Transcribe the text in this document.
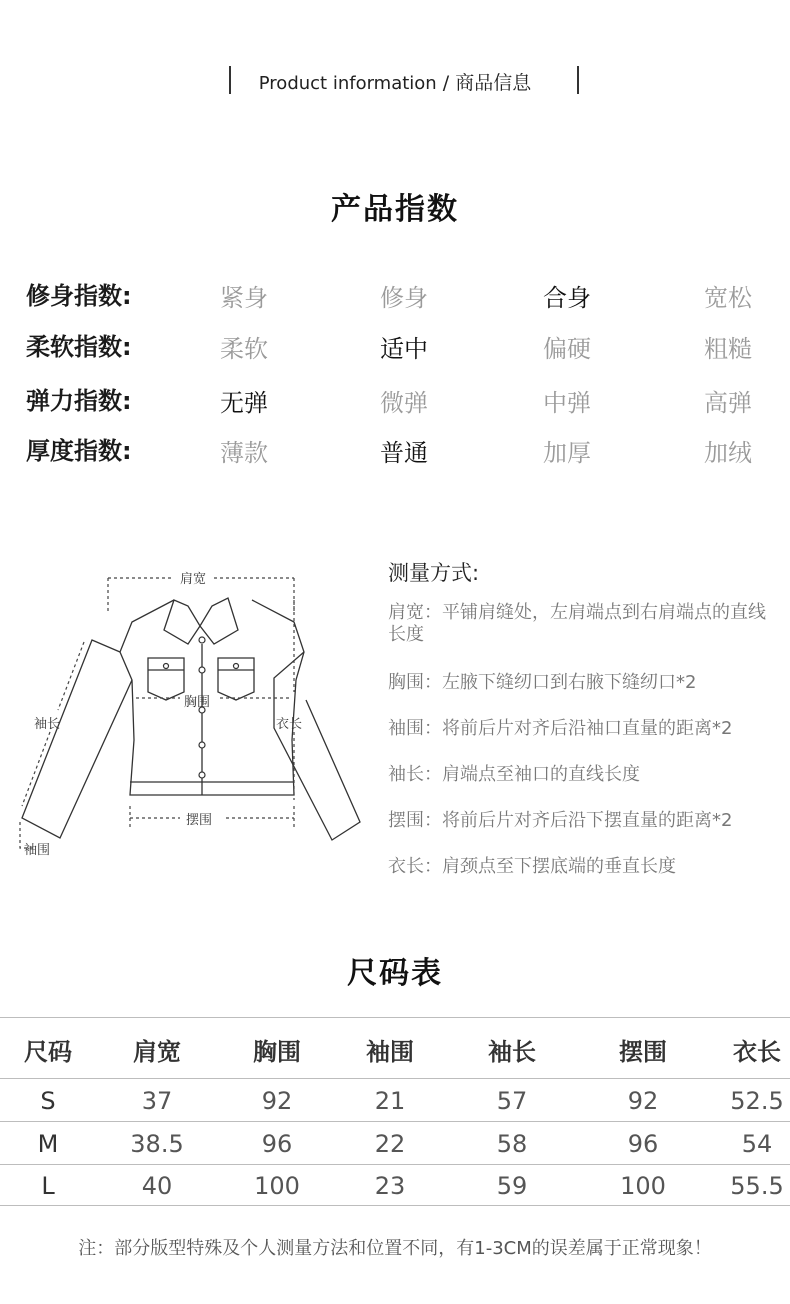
Product information / 商品信息
产品指数
修身指数:	紧身	修身	合身	宽松
柔软指数:	柔软	适中	偏硬	粗糙
弹力指数:	无弹	微弹	中弹	高弹
厚度指数:	薄款	普通	加厚	加绒
肩宽
胸围
袖长	衣长
摆围
袖围
测量方式:
肩宽：平铺肩缝处，左肩端点到右肩端点的直线长度
胸围：左腋下缝纫口到右腋下缝纫口*2
袖围：将前后片对齐后沿袖口直量的距离*2
袖长：肩端点至袖口的直线长度
摆围：将前后片对齐后沿下摆直量的距离*2
衣长：肩颈点至下摆底端的垂直长度
尺码表
尺码	肩宽	胸围	袖围	袖长	摆围	衣长
S	37	92	21	57	92	52.5
M	38.5	96	22	58	96	54
L	40	100	23	59	100	55.5
注：部分版型特殊及个人测量方法和位置不同，有1-3CM的误差属于正常现象！
